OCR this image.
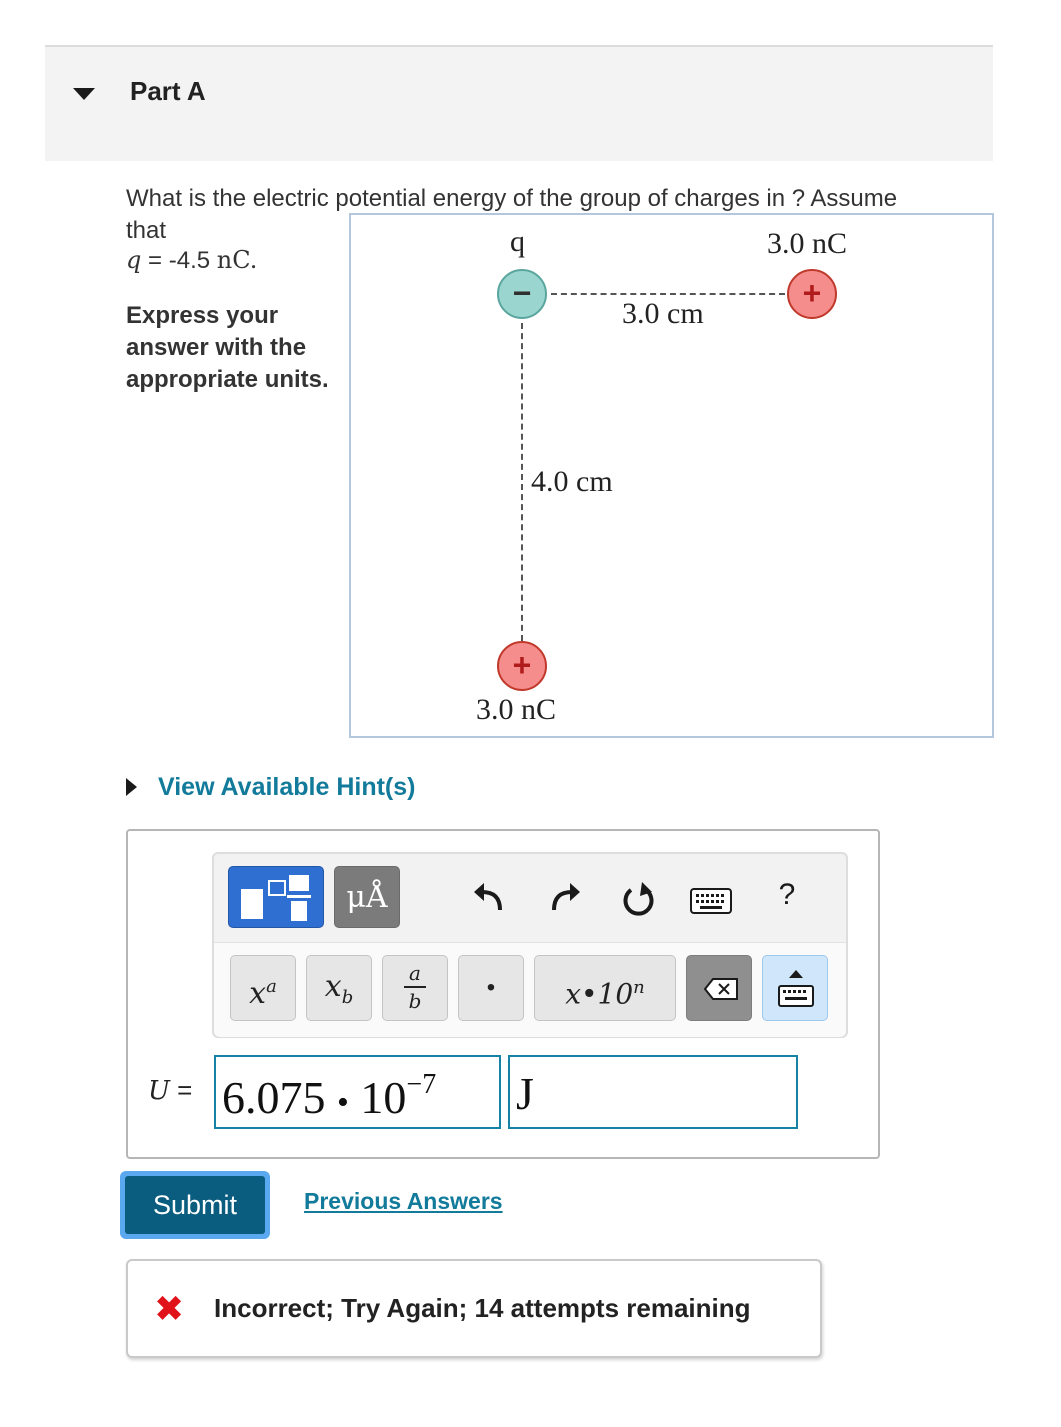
Part A
What is the electric potential energy of the group of charges in ? Assume
that
q = -4.5 nC.
Express your answer with the appropriate units.
q	3.0 nC
−	+
3.0 cm
4.0 cm
+
3.0 nC
View Available Hint(s)
μÅ	?
$x^a$	$x_b$
a
b	•	x•10$^n$
U = 6.075 • $10^{-7}$ J
Submit	Previous Answers
✖ Incorrect; Try Again; 14 attempts remaining
